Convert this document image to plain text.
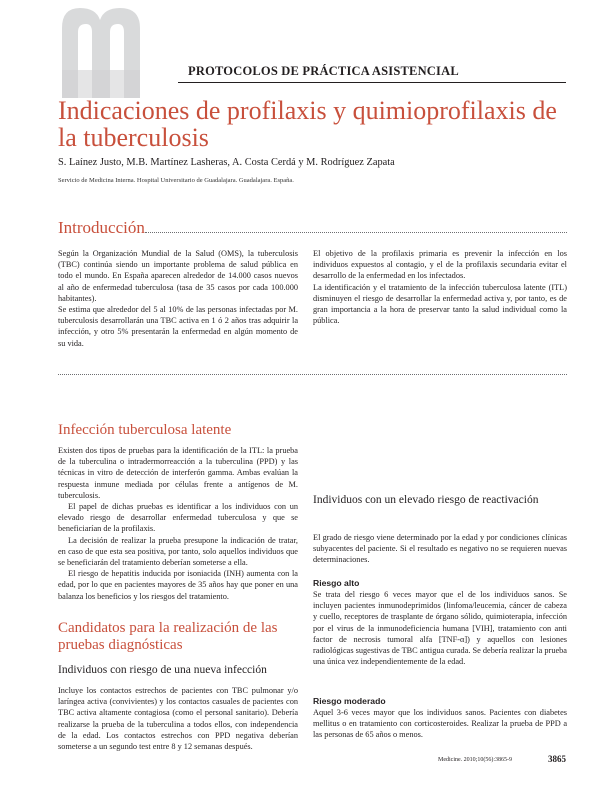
PROTOCOLOS DE PRÁCTICA ASISTENCIAL
Indicaciones de profilaxis y quimioprofilaxis de la tuberculosis
S. Laínez Justo, M.B. Martínez Lasheras, A. Costa Cerdá y M. Rodríguez Zapata
Servicio de Medicina Interna. Hospital Universitario de Guadalajara. Guadalajara. España.
Introducción

Según la Organización Mundial de la Salud (OMS), la tuberculosis (TBC) continúa siendo un importante problema de salud pública en todo el mundo. En España aparecen alrededor de 14.000 casos nuevos al año de enfermedad tuberculosa (tasa de 35 casos por cada 100.000 habitantes).

Se estima que alrededor del 5 al 10% de las personas infectadas por M. tuberculosis desarrollarán una TBC activa en 1 ó 2 años tras adquirir la infección, y otro 5% presentarán la enfermedad en algún momento de su vida.

El objetivo de la profilaxis primaria es prevenir la infección en los individuos expuestos al contagio, y el de la profilaxis secundaria evitar el desarrollo de la enfermedad en los infectados.

La identificación y el tratamiento de la infección tuberculosa latente (ITL) disminuyen el riesgo de desarrollar la enfermedad activa y, por tanto, es de gran importancia a la hora de preservar tanto la salud individual como la pública.

Infección tuberculosa latente

Existen dos tipos de pruebas para la identificación de la ITL: la prueba de la tuberculina o intradermorreacción a la tuberculina (PPD) y las técnicas in vitro de detección de interferón gamma. Ambas evalúan la respuesta inmune mediada por células frente a antígenos de M. tuberculosis.

El papel de dichas pruebas es identificar a los individuos con un elevado riesgo de desarrollar enfermedad tuberculosa y que se beneficiarían de la profilaxis.

La decisión de realizar la prueba presupone la indicación de tratar, en caso de que esta sea positiva, por tanto, solo aquellos individuos que se beneficiarán del tratamiento deberían someterse a ella.

El riesgo de hepatitis inducida por isoniacida (INH) aumenta con la edad, por lo que en pacientes mayores de 35 años hay que poner en una balanza los beneficios y los riesgos del tratamiento.

Candidatos para la realización de las pruebas diagnósticas
Individuos con riesgo de una nueva infección

Incluye los contactos estrechos de pacientes con TBC pulmonar y/o laríngea activa (convivientes) y los contactos casuales de pacientes con TBC activa altamente contagiosa (como el personal sanitario). Debería realizarse la prueba de la tuberculina a todos ellos, con independencia de la edad. Los contactos estrechos con PPD negativa deberían someterse a un segundo test entre 8 y 12 semanas después.

Individuos con un elevado riesgo de reactivación

El grado de riesgo viene determinado por la edad y por condiciones clínicas subyacentes del paciente. Si el resultado es negativo no se requieren nuevas determinaciones.

Riesgo alto

Se trata del riesgo 6 veces mayor que el de los individuos sanos. Se incluyen pacientes inmunodeprimidos (linfoma/leucemia, cáncer de cabeza y cuello, receptores de trasplante de órgano sólido, quimioterapia, infección por el virus de la inmunodeficiencia humana [VIH], tratamiento con anti factor de necrosis tumoral alfa [TNF-α]) y aquellos con lesiones radiológicas sugestivas de TBC antigua curada. Se debería realizar la prueba una única vez independientemente de la edad.

Riesgo moderado

Aquel 3-6 veces mayor que los individuos sanos. Pacientes con diabetes mellitus o en tratamiento con corticosteroides. Realizar la prueba de PPD a las personas de 65 años o menos.

Medicine. 2010;10(56):3865-9	3865
